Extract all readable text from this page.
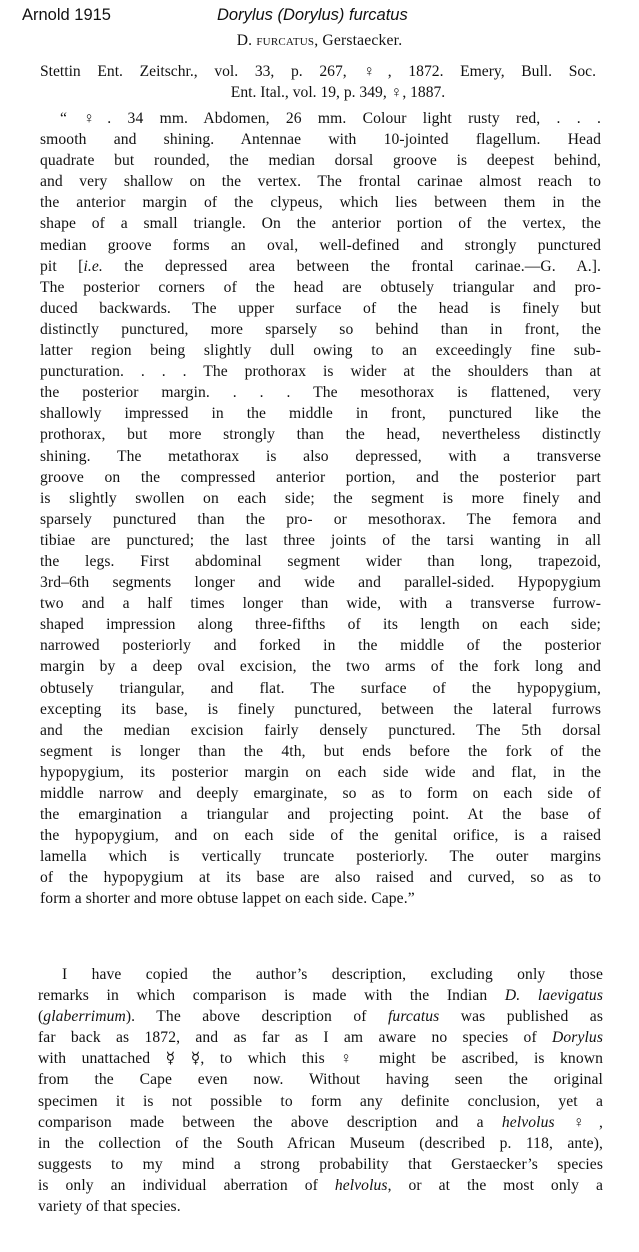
Arnold 1915	Dorylus (Dorylus) furcatus
D. furcatus, Gerstaecker.
Stettin Ent. Zeitschr., vol. 33, p. 267, ♀, 1872. Emery, Bull. Soc.
Ent. Ital., vol. 19, p. 349, ♀, 1887.
“ ♀. 34 mm. Abdomen, 26 mm. Colour light rusty red, . . .
smooth and shining. Antennae with 10-jointed flagellum. Head
quadrate but rounded, the median dorsal groove is deepest behind,
and very shallow on the vertex. The frontal carinae almost reach to
the anterior margin of the clypeus, which lies between them in the
shape of a small triangle. On the anterior portion of the vertex, the
median groove forms an oval, well-defined and strongly punctured
pit [i.e. the depressed area between the frontal carinae.—G. A.].
The posterior corners of the head are obtusely triangular and pro-
duced backwards. The upper surface of the head is finely but
distinctly punctured, more sparsely so behind than in front, the
latter region being slightly dull owing to an exceedingly fine sub-
puncturation. . . . The prothorax is wider at the shoulders than at
the posterior margin. . . . The mesothorax is flattened, very
shallowly impressed in the middle in front, punctured like the
prothorax, but more strongly than the head, nevertheless distinctly
shining. The metathorax is also depressed, with a transverse
groove on the compressed anterior portion, and the posterior part
is slightly swollen on each side; the segment is more finely and
sparsely punctured than the pro- or mesothorax. The femora and
tibiae are punctured; the last three joints of the tarsi wanting in all
the legs. First abdominal segment wider than long, trapezoid,
3rd–6th segments longer and wide and parallel-sided. Hypopygium
two and a half times longer than wide, with a transverse furrow-
shaped impression along three-fifths of its length on each side;
narrowed posteriorly and forked in the middle of the posterior
margin by a deep oval excision, the two arms of the fork long and
obtusely triangular, and flat. The surface of the hypopygium,
excepting its base, is finely punctured, between the lateral furrows
and the median excision fairly densely punctured. The 5th dorsal
segment is longer than the 4th, but ends before the fork of the
hypopygium, its posterior margin on each side wide and flat, in the
middle narrow and deeply emarginate, so as to form on each side of
the emargination a triangular and projecting point. At the base of
the hypopygium, and on each side of the genital orifice, is a raised
lamella which is vertically truncate posteriorly. The outer margins
of the hypopygium at its base are also raised and curved, so as to
form a shorter and more obtuse lappet on each side. Cape.”
I have copied the author’s description, excluding only those
remarks in which comparison is made with the Indian D. laevigatus
(glaberrimum). The above description of furcatus was published as
far back as 1872, and as far as I am aware no species of Dorylus
with unattached ☿ ☿, to which this ♀ might be ascribed, is known
from the Cape even now. Without having seen the original
specimen it is not possible to form any definite conclusion, yet a
comparison made between the above description and a helvolus ♀,
in the collection of the South African Museum (described p. 118, ante),
suggests to my mind a strong probability that Gerstaecker’s species
is only an individual aberration of helvolus, or at the most only a
variety of that species.
